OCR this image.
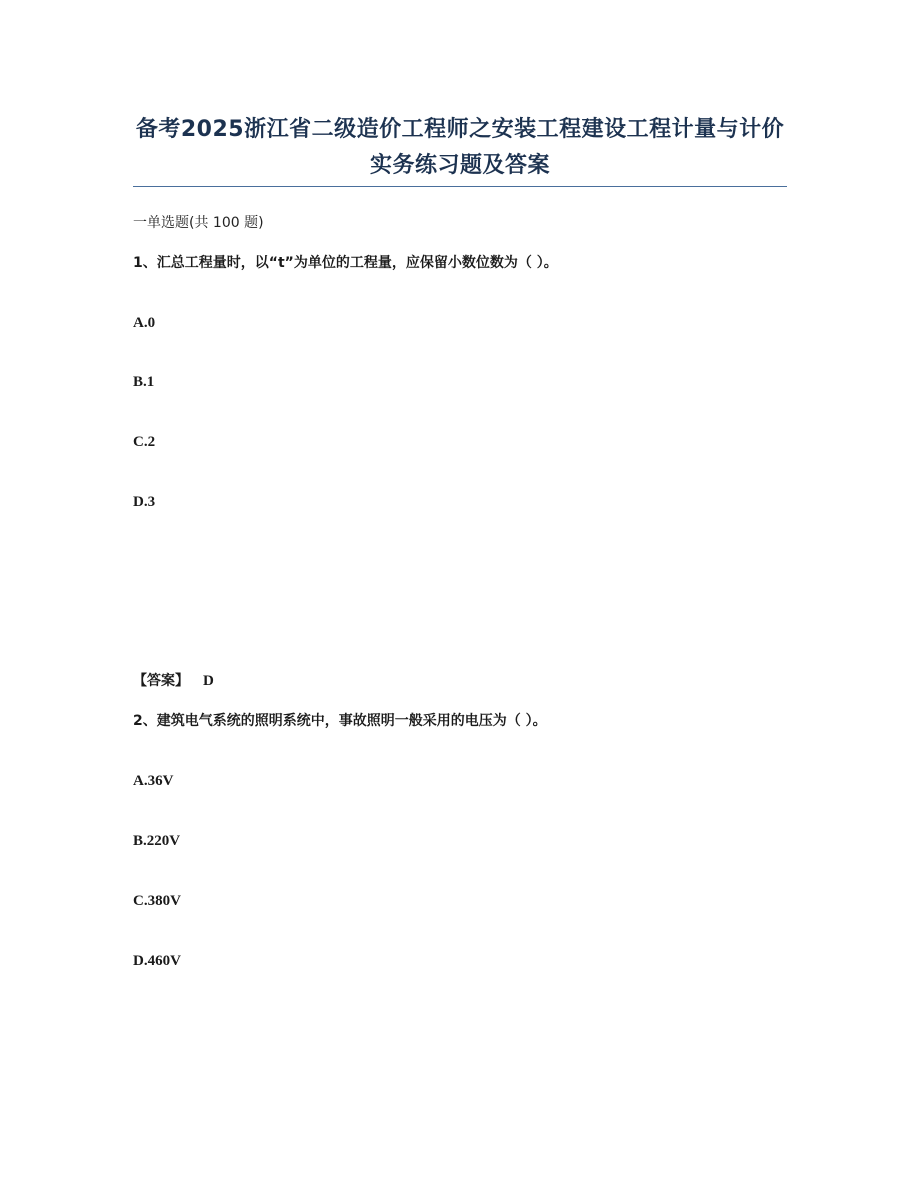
备考2025浙江省二级造价工程师之安装工程建设工程计量与计价实务练习题及答案
一单选题(共 100 题)
1、汇总工程量时，以“t”为单位的工程量，应保留小数位数为（ ）。
A.0
B.1
C.2
D.3
【答案】 D
2、建筑电气系统的照明系统中，事故照明一般采用的电压为（ ）。
A.36V
B.220V
C.380V
D.460V
